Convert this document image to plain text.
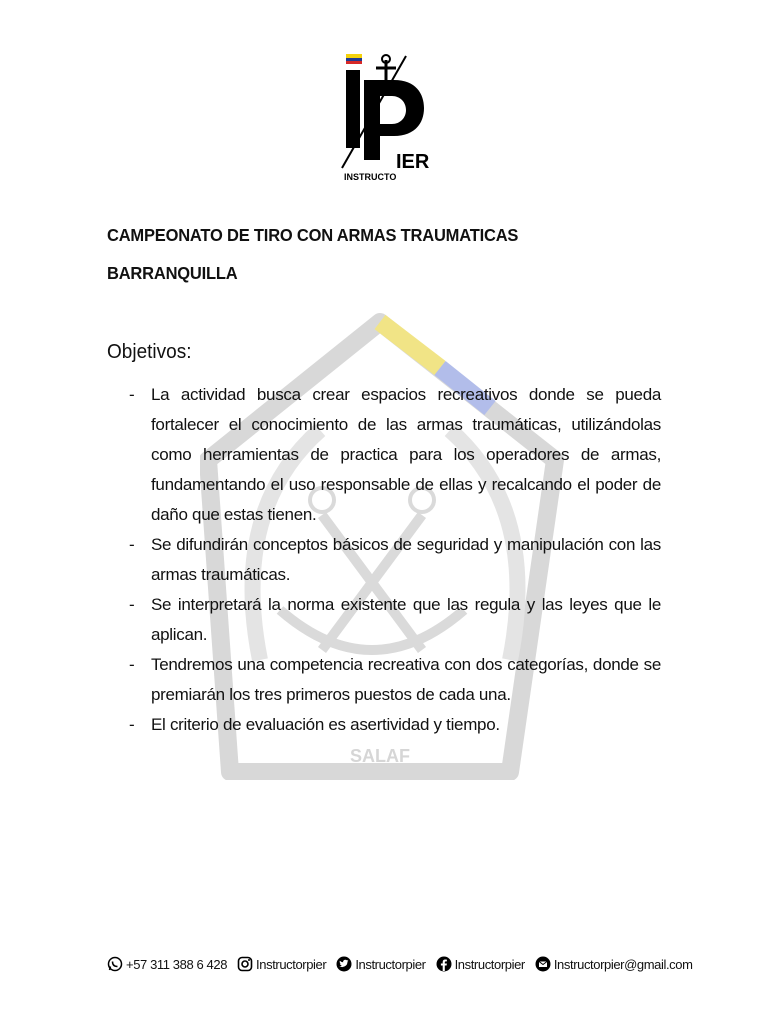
IER
INSTRUCTO
SALAF
CAMPEONATO DE TIRO CON ARMAS TRAUMATICAS
BARRANQUILLA
Objetivos:
- La actividad busca crear espacios recreativos donde se pueda fortalecer el conocimiento de las armas traumáticas, utilizándolas como herramientas de practica para los operadores de armas, fundamentando el uso responsable de ellas y recalcando el poder de daño que estas tienen.
- Se difundirán conceptos básicos de seguridad y manipulación con las armas traumáticas.
- Se interpretará la norma existente que las regula y las leyes que le aplican.
- Tendremos una competencia recreativa con dos categorías, donde se premiarán los tres primeros puestos de cada una.
- El criterio de evaluación es asertividad y tiempo.
+57 311 388 6 428 Instructorpier Instructorpier Instructorpier Instructorpier@gmail.com
